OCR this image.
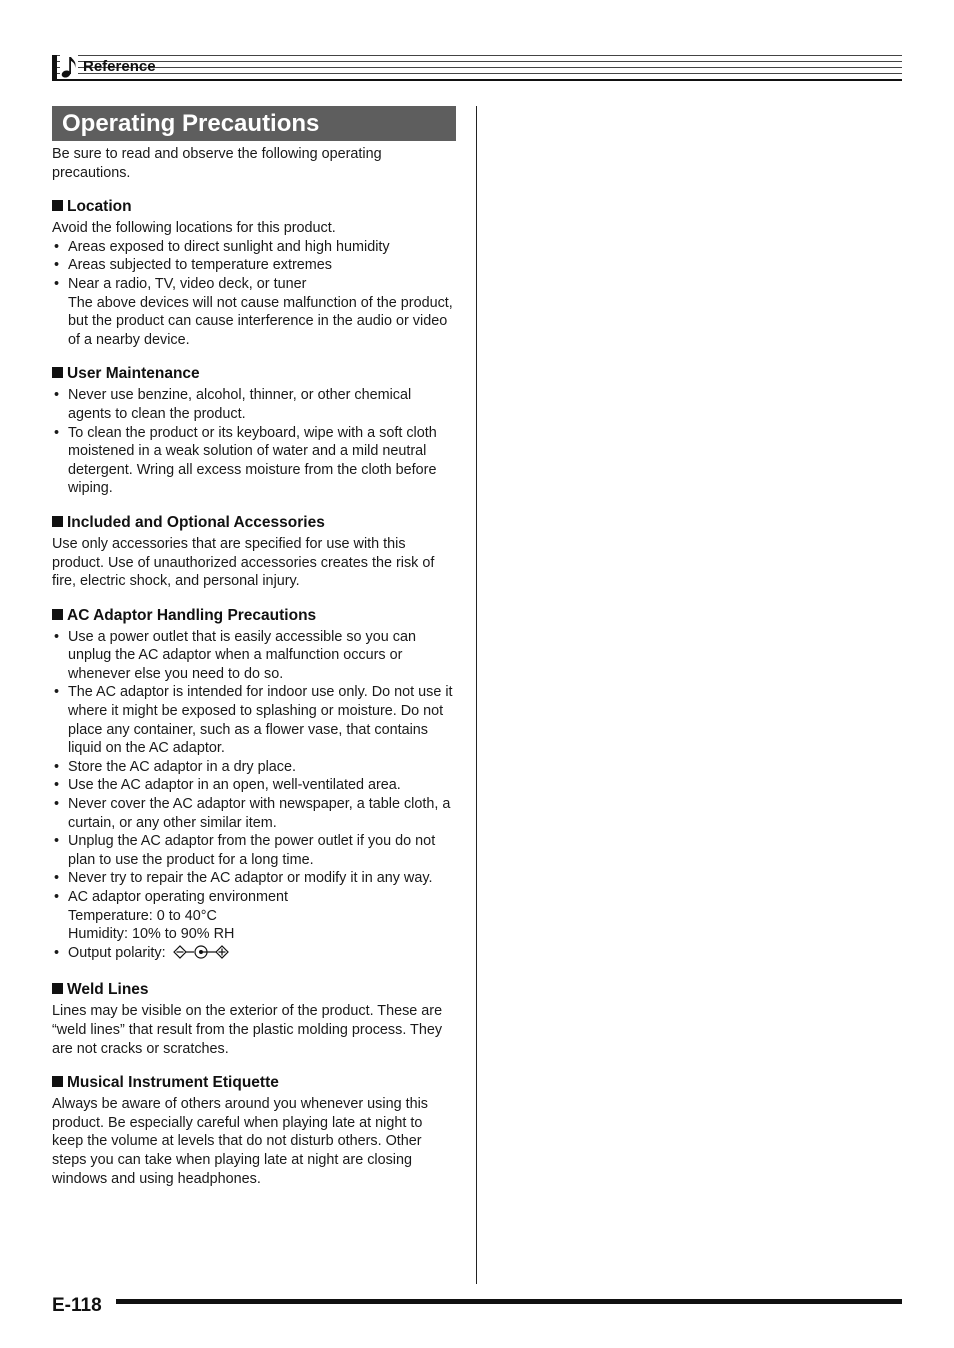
Reference
Operating Precautions

Be sure to read and observe the following operating precautions.

Location

Avoid the following locations for this product.

• Areas exposed to direct sunlight and high humidity
• Areas subjected to temperature extremes
• Near a radio, TV, video deck, or tuner
The above devices will not cause malfunction of the product, but the product can cause interference in the audio or video of a nearby device.
User Maintenance
• Never use benzine, alcohol, thinner, or other chemical agents to clean the product.
• To clean the product or its keyboard, wipe with a soft cloth moistened in a weak solution of water and a mild neutral detergent. Wring all excess moisture from the cloth before wiping.
Included and Optional Accessories

Use only accessories that are specified for use with this product. Use of unauthorized accessories creates the risk of fire, electric shock, and personal injury.

AC Adaptor Handling Precautions
• Use a power outlet that is easily accessible so you can unplug the AC adaptor when a malfunction occurs or whenever else you need to do so.
• The AC adaptor is intended for indoor use only. Do not use it where it might be exposed to splashing or moisture. Do not place any container, such as a flower vase, that contains liquid on the AC adaptor.
• Store the AC adaptor in a dry place.
• Use the AC adaptor in an open, well-ventilated area.
• Never cover the AC adaptor with newspaper, a table cloth, a curtain, or any other similar item.
• Unplug the AC adaptor from the power outlet if you do not plan to use the product for a long time.
• Never try to repair the AC adaptor or modify it in any way.
• AC adaptor operating environment
Temperature: 0 to 40°C
Humidity: 10% to 90% RH
• Output polarity:
Weld Lines

Lines may be visible on the exterior of the product. These are “weld lines” that result from the plastic molding process. They are not cracks or scratches.

Musical Instrument Etiquette

Always be aware of others around you whenever using this product. Be especially careful when playing late at night to keep the volume at levels that do not disturb others. Other steps you can take when playing late at night are closing windows and using headphones.

E-118
